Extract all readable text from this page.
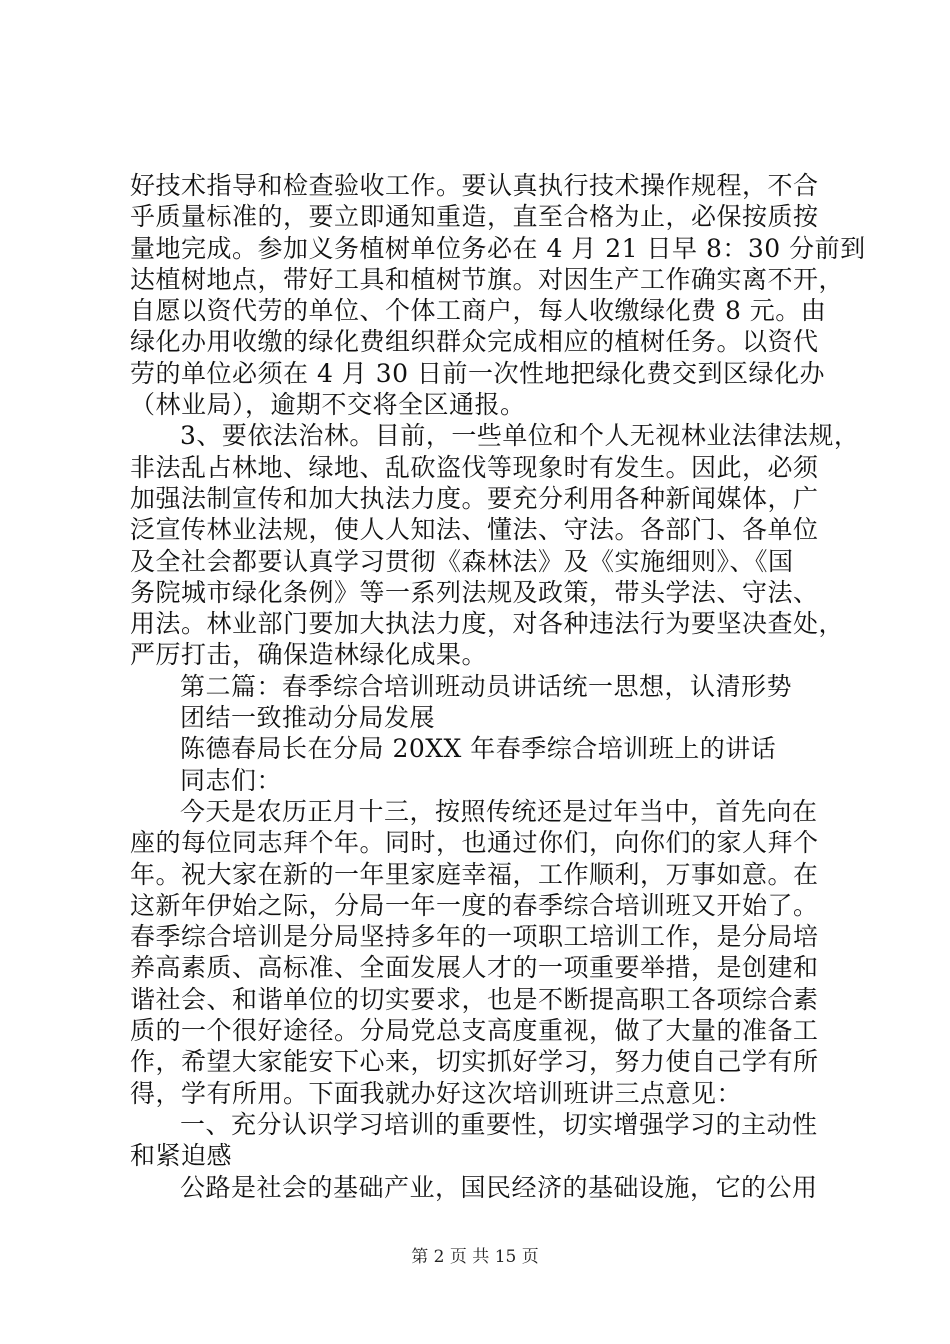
好技术指导和检查验收工作。要认真执行技术操作规程，不合
乎质量标准的，要立即通知重造，直至合格为止，必保按质按
量地完成。参加义务植树单位务必在 4 月 21 日早 8：30 分前到
达植树地点，带好工具和植树节旗。对因生产工作确实离不开，
自愿以资代劳的单位、个体工商户，每人收缴绿化费 8 元。由
绿化办用收缴的绿化费组织群众完成相应的植树任务。以资代
劳的单位必须在 4 月 30 日前一次性地把绿化费交到区绿化办
（林业局），逾期不交将全区通报。
3、要依法治林。目前，一些单位和个人无视林业法律法规，
非法乱占林地、绿地、乱砍盗伐等现象时有发生。因此，必须
加强法制宣传和加大执法力度。要充分利用各种新闻媒体，广
泛宣传林业法规，使人人知法、懂法、守法。各部门、各单位
及全社会都要认真学习贯彻《森林法》及《实施细则》、《国
务院城市绿化条例》等一系列法规及政策，带头学法、守法、
用法。林业部门要加大执法力度，对各种违法行为要坚决查处，
严厉打击，确保造林绿化成果。
第二篇：春季综合培训班动员讲话统一思想，认清形势
团结一致推动分局发展
陈德春局长在分局 20XX 年春季综合培训班上的讲话
同志们：
今天是农历正月十三，按照传统还是过年当中，首先向在
座的每位同志拜个年。同时，也通过你们，向你们的家人拜个
年。祝大家在新的一年里家庭幸福，工作顺利，万事如意。在
这新年伊始之际，分局一年一度的春季综合培训班又开始了。
春季综合培训是分局坚持多年的一项职工培训工作，是分局培
养高素质、高标准、全面发展人才的一项重要举措，是创建和
谐社会、和谐单位的切实要求，也是不断提高职工各项综合素
质的一个很好途径。分局党总支高度重视，做了大量的准备工
作，希望大家能安下心来，切实抓好学习，努力使自己学有所
得，学有所用。下面我就办好这次培训班讲三点意见：
一、充分认识学习培训的重要性，切实增强学习的主动性
和紧迫感
公路是社会的基础产业，国民经济的基础设施，它的公用
第 2 页 共 15 页
